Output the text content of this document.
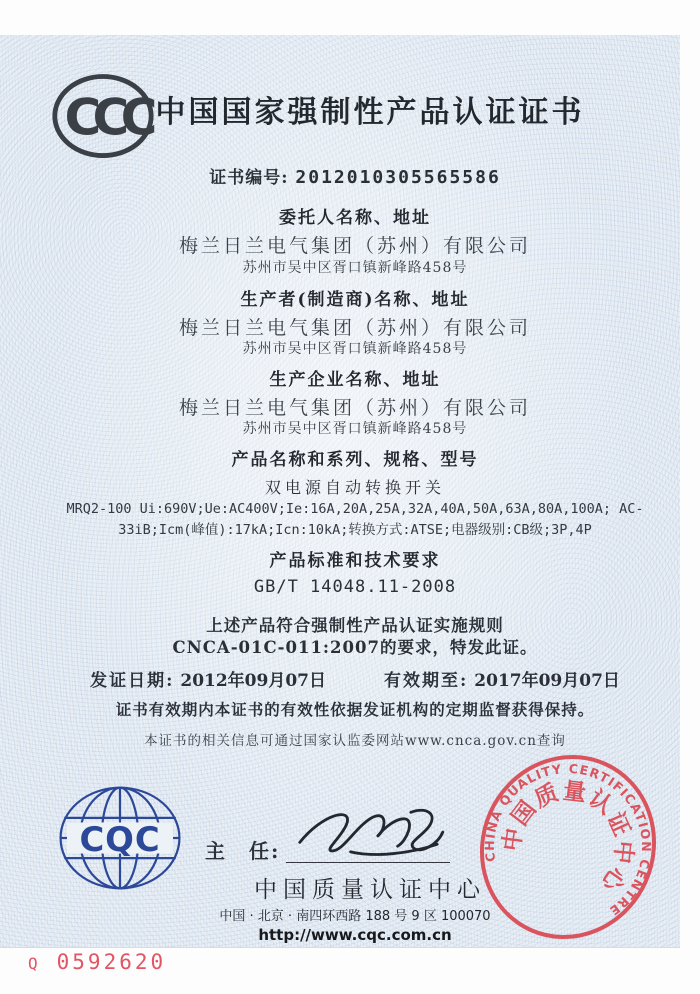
CCC 中国国家强制性产品认证证书
证书编号: 2012010305565586
委托人名称、地址
梅兰日兰电气集团（苏州）有限公司
苏州市吴中区胥口镇新峰路458号
生产者(制造商)名称、地址
梅兰日兰电气集团（苏州）有限公司
苏州市吴中区胥口镇新峰路458号
生产企业名称、地址
梅兰日兰电气集团（苏州）有限公司
苏州市吴中区胥口镇新峰路458号
产品名称和系列、规格、型号
双电源自动转换开关
MRQ2-100 Ui:690V;Ue:AC400V;Ie:16A,20A,25A,32A,40A,50A,63A,80A,100A; AC-
33iB;Icm(峰值):17kA;Icn:10kA;转换方式:ATSE;电器级别:CB级;3P,4P
产品标准和技术要求
GB/T 14048.11-2008
上述产品符合强制性产品认证实施规则
CNCA-01C-011:2007的要求，特发此证。
发证日期: 2012年09月07日	有效期至: 2017年09月07日
证书有效期内本证书的有效性依据发证机构的定期监督获得保持。
本证书的相关信息可通过国家认监委网站www.cnca.gov.cn查询
CQC 主　任:
中国质量认证中心
中国 · 北京 · 南四环西路 188 号 9 区 100070
http://www.cqc.com.cn
CHINA QUALITY CERTIFICATION CENTRE
中国质量认证中心
Q 0592620
